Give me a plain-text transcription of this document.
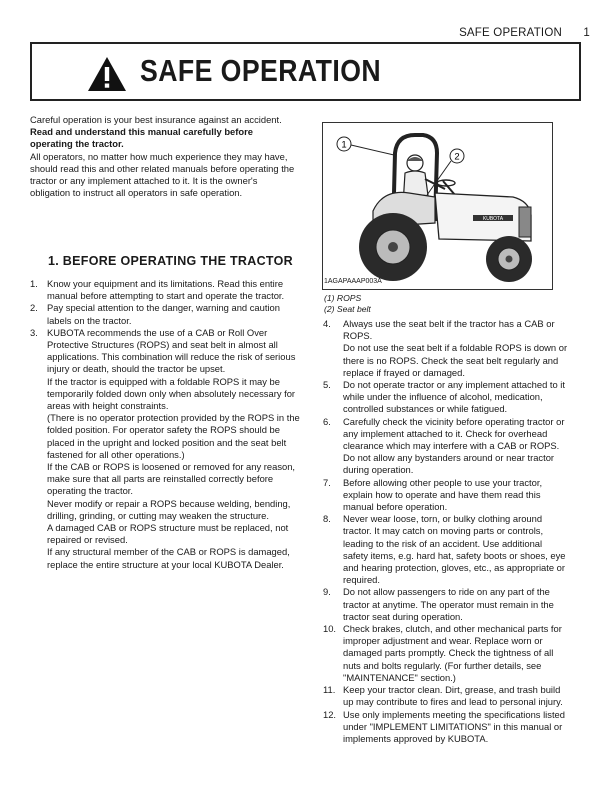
SAFE OPERATION 1
SAFE OPERATION

Careful operation is your best insurance against an accident.

Read and understand this manual carefully before operating the tractor.

All operators, no matter how much experience they may have, should read this and other related manuals before operating the tractor or any implement attached to it. It is the owner's obligation to instruct all operators in safe operation.

1. BEFORE OPERATING THE TRACTOR
1. Know your equipment and its limitations. Read this entire manual before attempting to start and operate the tractor.
2. Pay special attention to the danger, warning and caution labels on the tractor.
3. KUBOTA recommends the use of a CAB or Roll Over Protective Structures (ROPS) and seat belt in almost all applications. This combination will reduce the risk of serious injury or death, should the tractor be upset.
If the tractor is equipped with a foldable ROPS it may be temporarily folded down only when absolutely necessary for areas with height constraints.
(There is no operator protection provided by the ROPS in the folded position. For operator safety the ROPS should be placed in the upright and locked position and the seat belt fastened for all other operations.)
If the CAB or ROPS is loosened or removed for any reason, make sure that all parts are reinstalled correctly before operating the tractor.
Never modify or repair a ROPS because welding, bending, drilling, grinding, or cutting may weaken the structure.
A damaged CAB or ROPS structure must be replaced, not repaired or revised.
If any structural member of the CAB or ROPS is damaged, replace the entire structure at your local KUBOTA Dealer.
KUBOTA
1
2
1AGAPAAAP003A
(1) ROPS
(2) Seat belt
4.	Always use the seat belt if the tractor has a CAB or ROPS.
Do not use the seat belt if a foldable ROPS is down or there is no ROPS. Check the seat belt regularly and replace if frayed or damaged.
5.	Do not operate tractor or any implement attached to it while under the influence of alcohol, medication, controlled substances or while fatigued.
6.	Carefully check the vicinity before operating tractor or any implement attached to it. Check for overhead clearance which may interfere with a CAB or ROPS. Do not allow any bystanders around or near tractor during operation.
7.	Before allowing other people to use your tractor, explain how to operate and have them read this manual before operation.
8.	Never wear loose, torn, or bulky clothing around tractor. It may catch on moving parts or controls, leading to the risk of an accident. Use additional safety items, e.g. hard hat, safety boots or shoes, eye and hearing protection, gloves, etc., as appropriate or required.
9.	Do not allow passengers to ride on any part of the tractor at anytime. The operator must remain in the tractor seat during operation.
10. Check brakes, clutch, and other mechanical parts for improper adjustment and wear. Replace worn or damaged parts promptly. Check the tightness of all nuts and bolts regularly. (For further details, see "MAINTENANCE" section.)
11. Keep your tractor clean. Dirt, grease, and trash build up may contribute to fires and lead to personal injury.
12. Use only implements meeting the specifications listed under "IMPLEMENT LIMITATIONS" in this manual or implements approved by KUBOTA.
